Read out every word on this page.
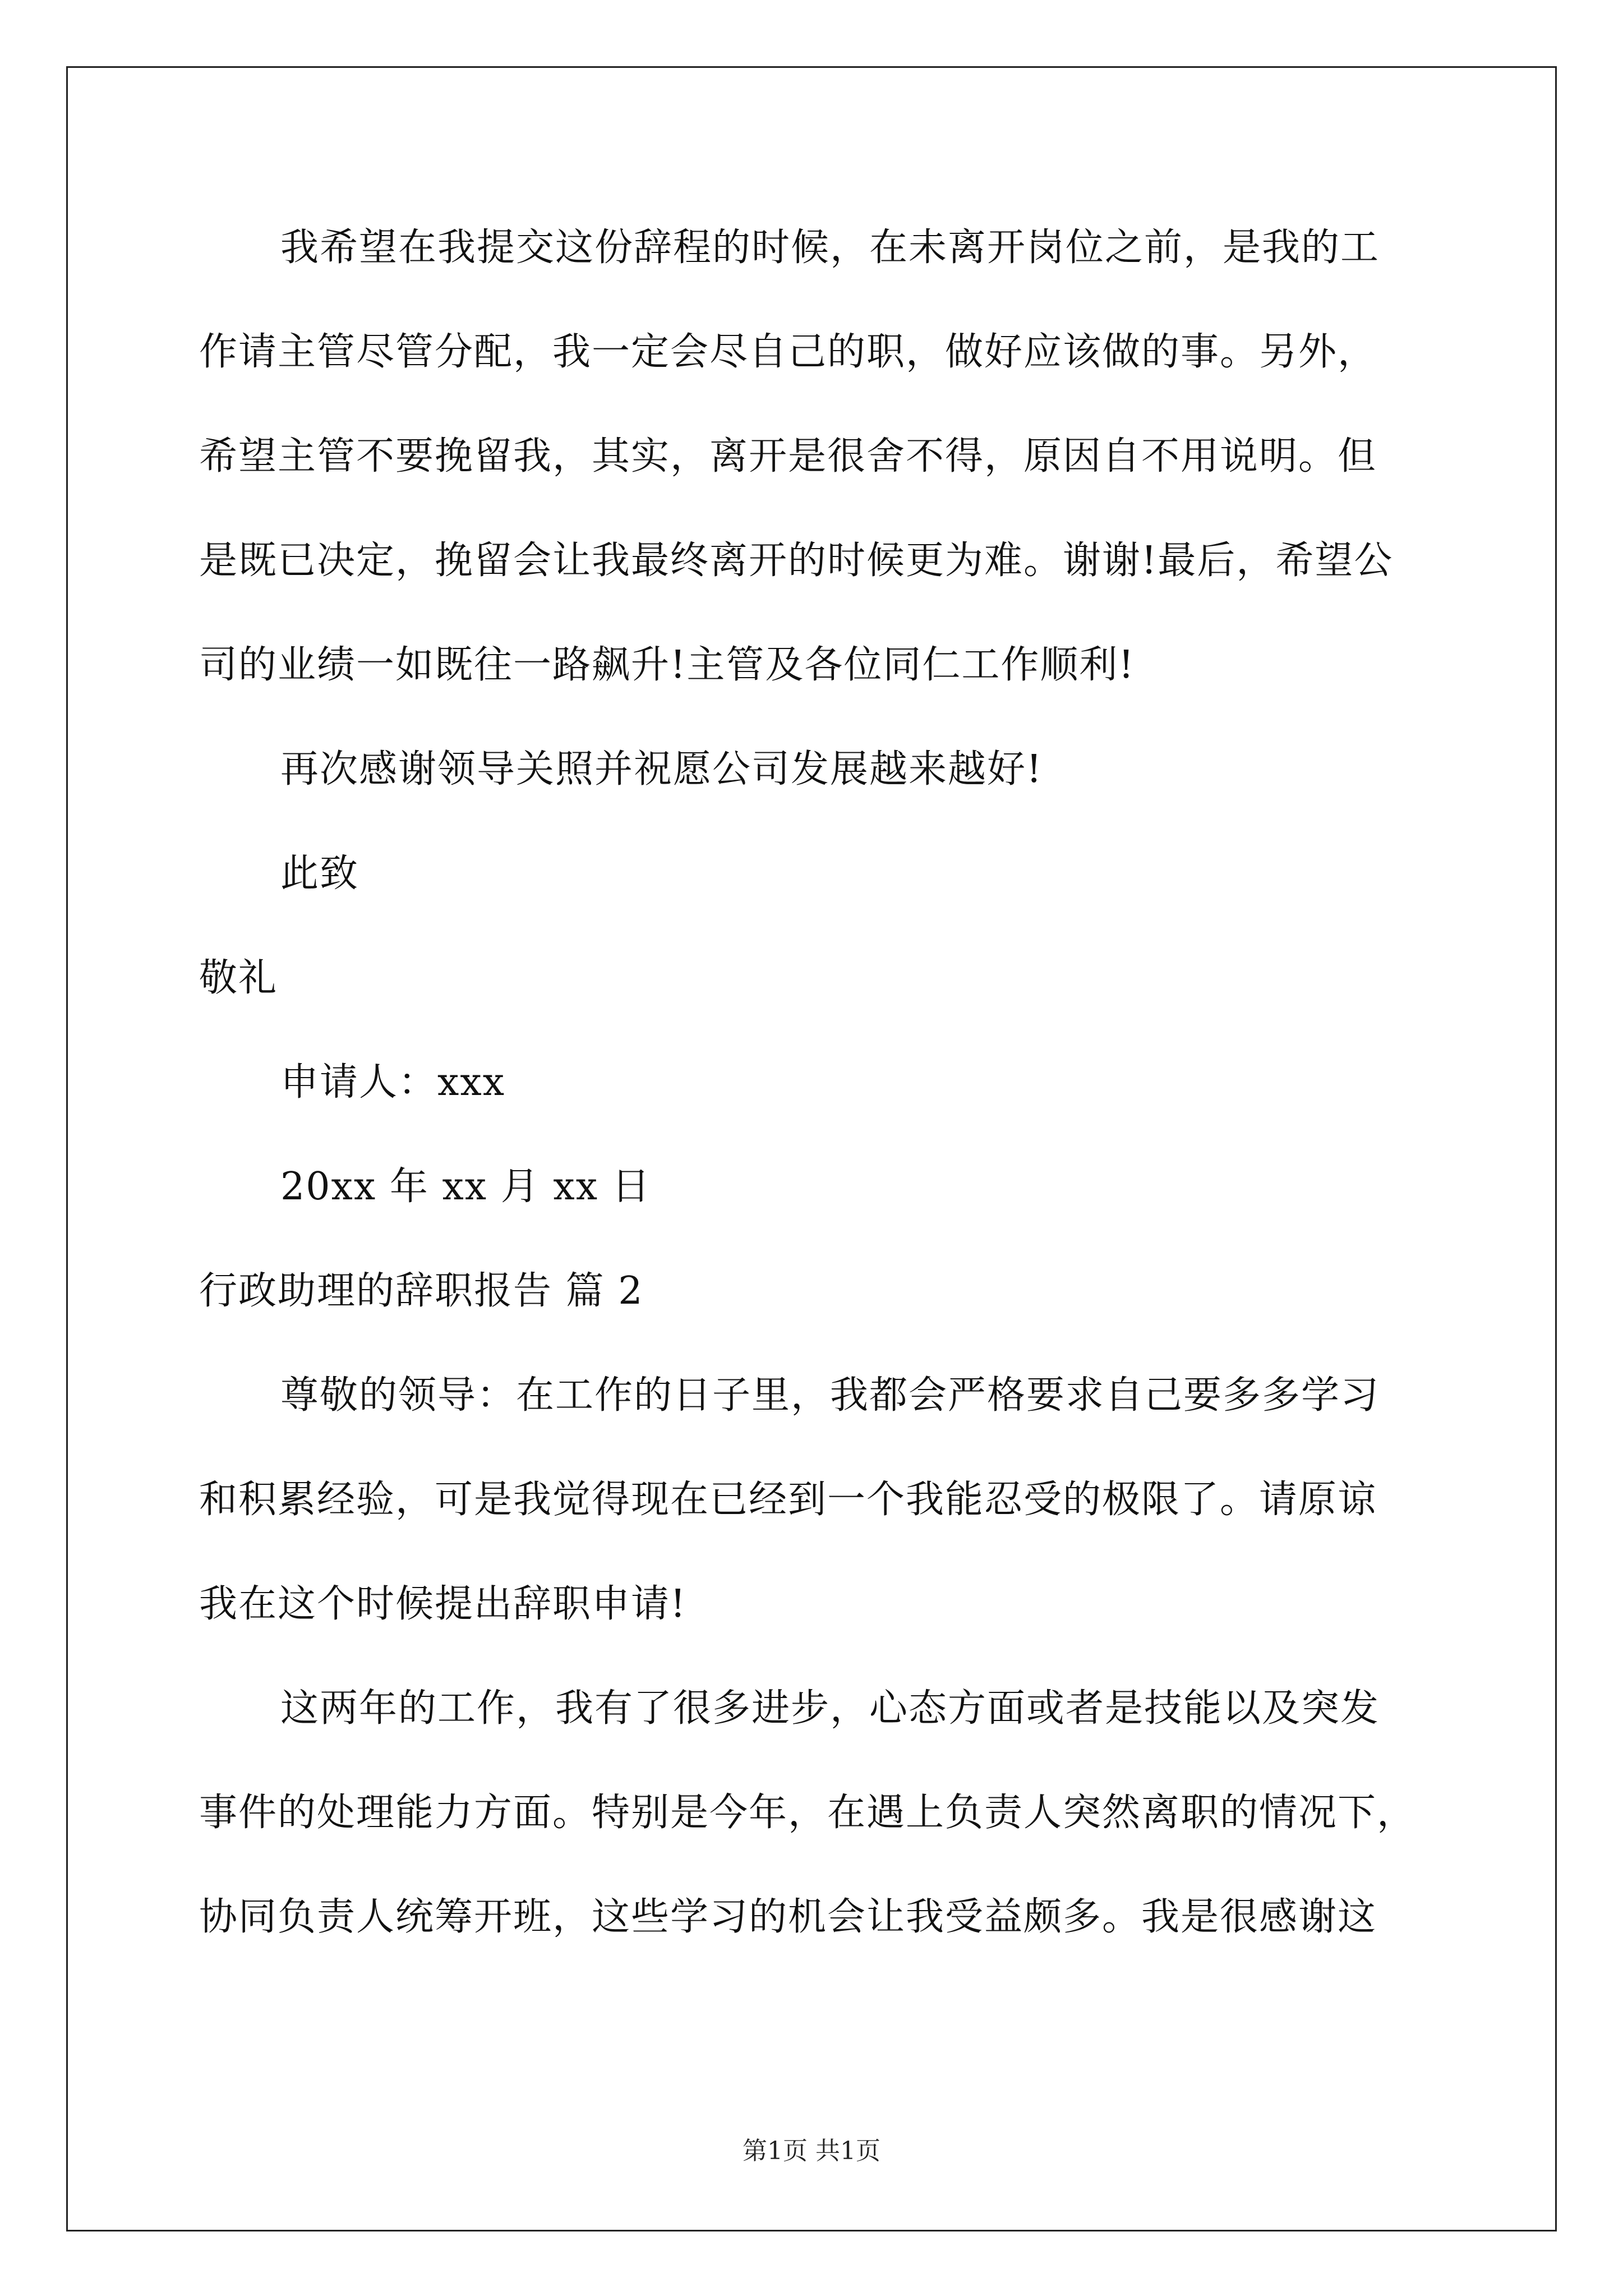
我希望在我提交这份辞程的时候，在未离开岗位之前，是我的工

作请主管尽管分配，我一定会尽自己的职，做好应该做的事。另外，

希望主管不要挽留我，其实，离开是很舍不得，原因自不用说明。但

是既已决定，挽留会让我最终离开的时候更为难。谢谢!最后，希望公

司的业绩一如既往一路飙升!主管及各位同仁工作顺利!

再次感谢领导关照并祝愿公司发展越来越好!

此致

敬礼

申请人：xxx

20xx 年 xx 月 xx 日

行政助理的辞职报告 篇 2

尊敬的领导：在工作的日子里，我都会严格要求自己要多多学习

和积累经验，可是我觉得现在已经到一个我能忍受的极限了。请原谅

我在这个时候提出辞职申请!

这两年的工作，我有了很多进步，心态方面或者是技能以及突发

事件的处理能力方面。特别是今年，在遇上负责人突然离职的情况下，

协同负责人统筹开班，这些学习的机会让我受益颇多。我是很感谢这

第1页 共1页
